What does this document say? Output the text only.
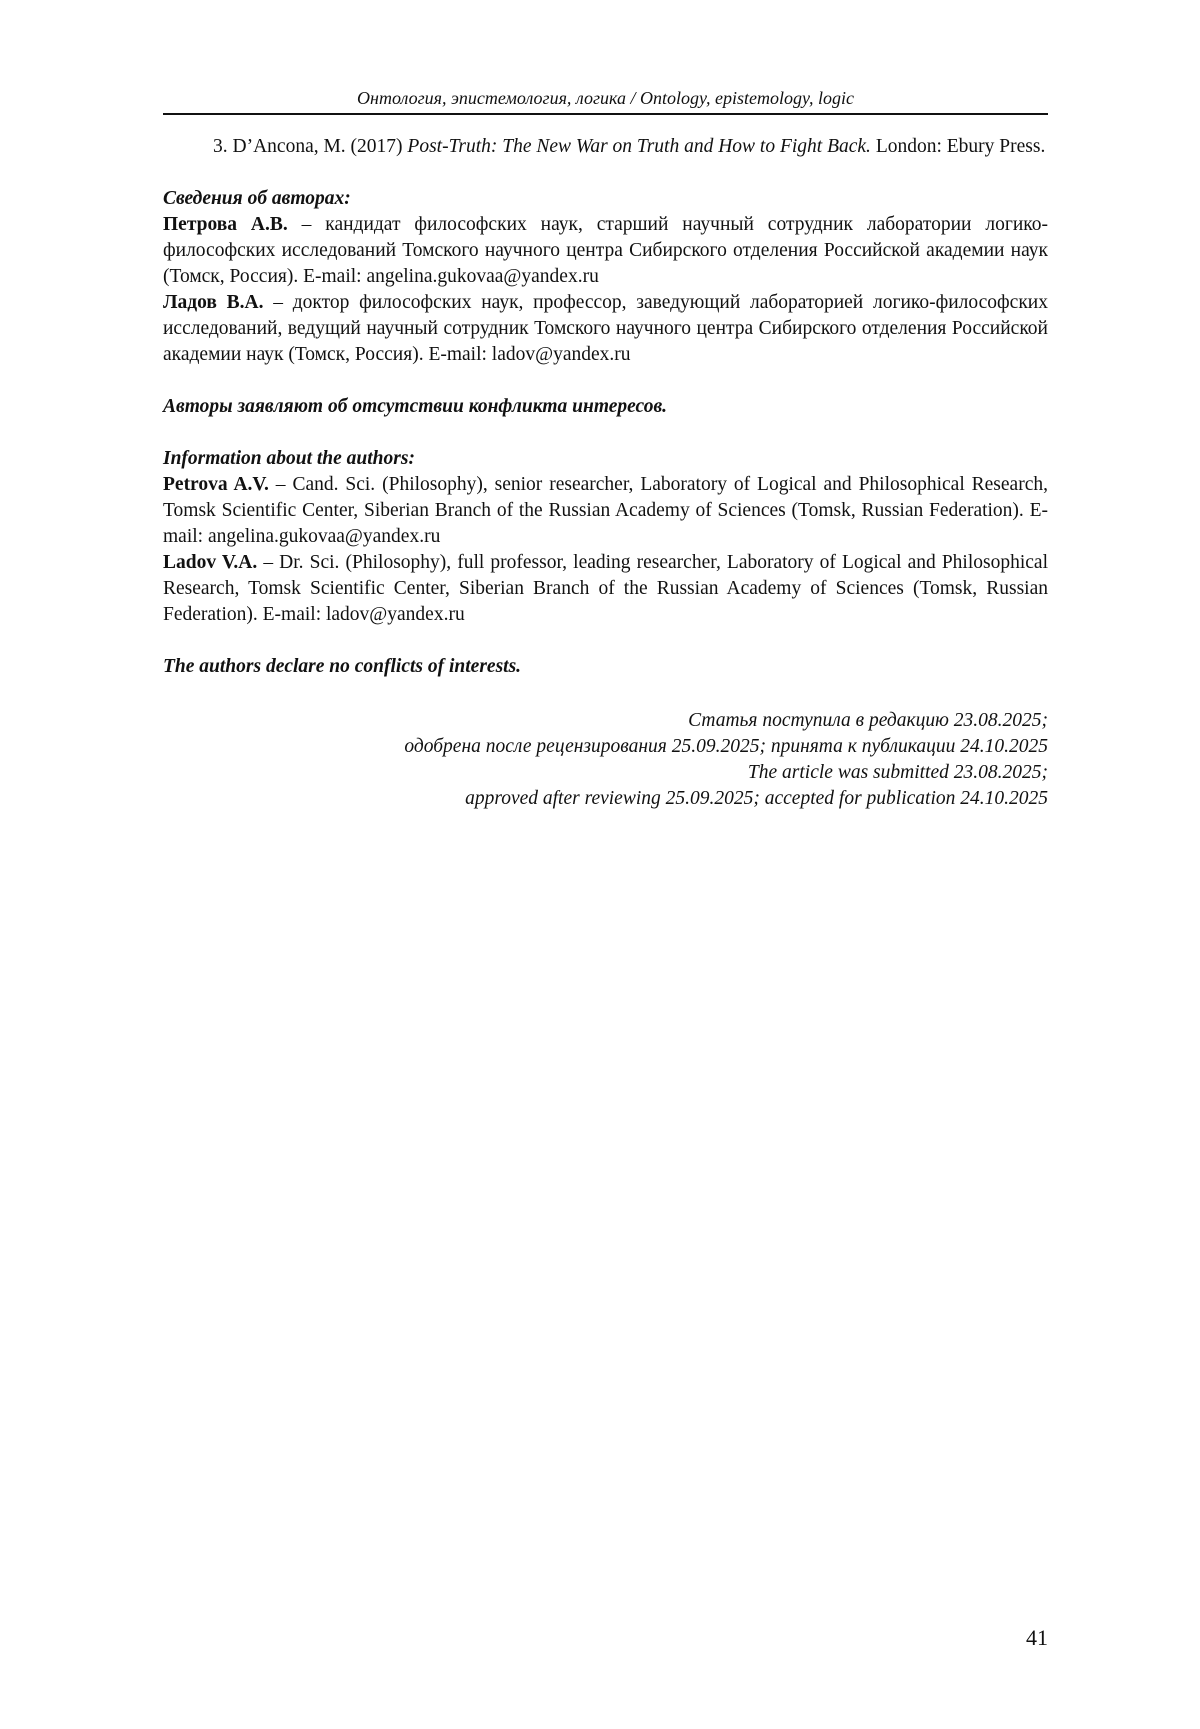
Онтология, эпистемология, логика / Ontology, epistemology, logic

3. D’Ancona, M. (2017) Post-Truth: The New War on Truth and How to Fight Back. London: Ebury Press.

Сведения об авторах:

Петрова А.В. – кандидат философских наук, старший научный сотрудник лаборатории логико-философских исследований Томского научного центра Сибирского отделения Российской академии наук (Томск, Россия). E-mail: angelina.gukovaa@yandex.ru

Ладов В.А. – доктор философских наук, профессор, заведующий лабораторией логико-философских исследований, ведущий научный сотрудник Томского научного центра Сибирского отделения Российской академии наук (Томск, Россия). E-mail: ladov@yandex.ru

Авторы заявляют об отсутствии конфликта интересов.

Information about the authors:

Petrova A.V. – Cand. Sci. (Philosophy), senior researcher, Laboratory of Logical and Philosophical Research, Tomsk Scientific Center, Siberian Branch of the Russian Academy of Sciences (Tomsk, Russian Federation). E-mail: angelina.gukovaa@yandex.ru

Ladov V.A. – Dr. Sci. (Philosophy), full professor, leading researcher, Laboratory of Logical and Philosophical Research, Tomsk Scientific Center, Siberian Branch of the Russian Academy of Sciences (Tomsk, Russian Federation). E-mail: ladov@yandex.ru

The authors declare no conflicts of interests.

Статья поступила в редакцию 23.08.2025;
одобрена после рецензирования 25.09.2025; принята к публикации 24.10.2025
The article was submitted 23.08.2025;
approved after reviewing 25.09.2025; accepted for publication 24.10.2025
41
